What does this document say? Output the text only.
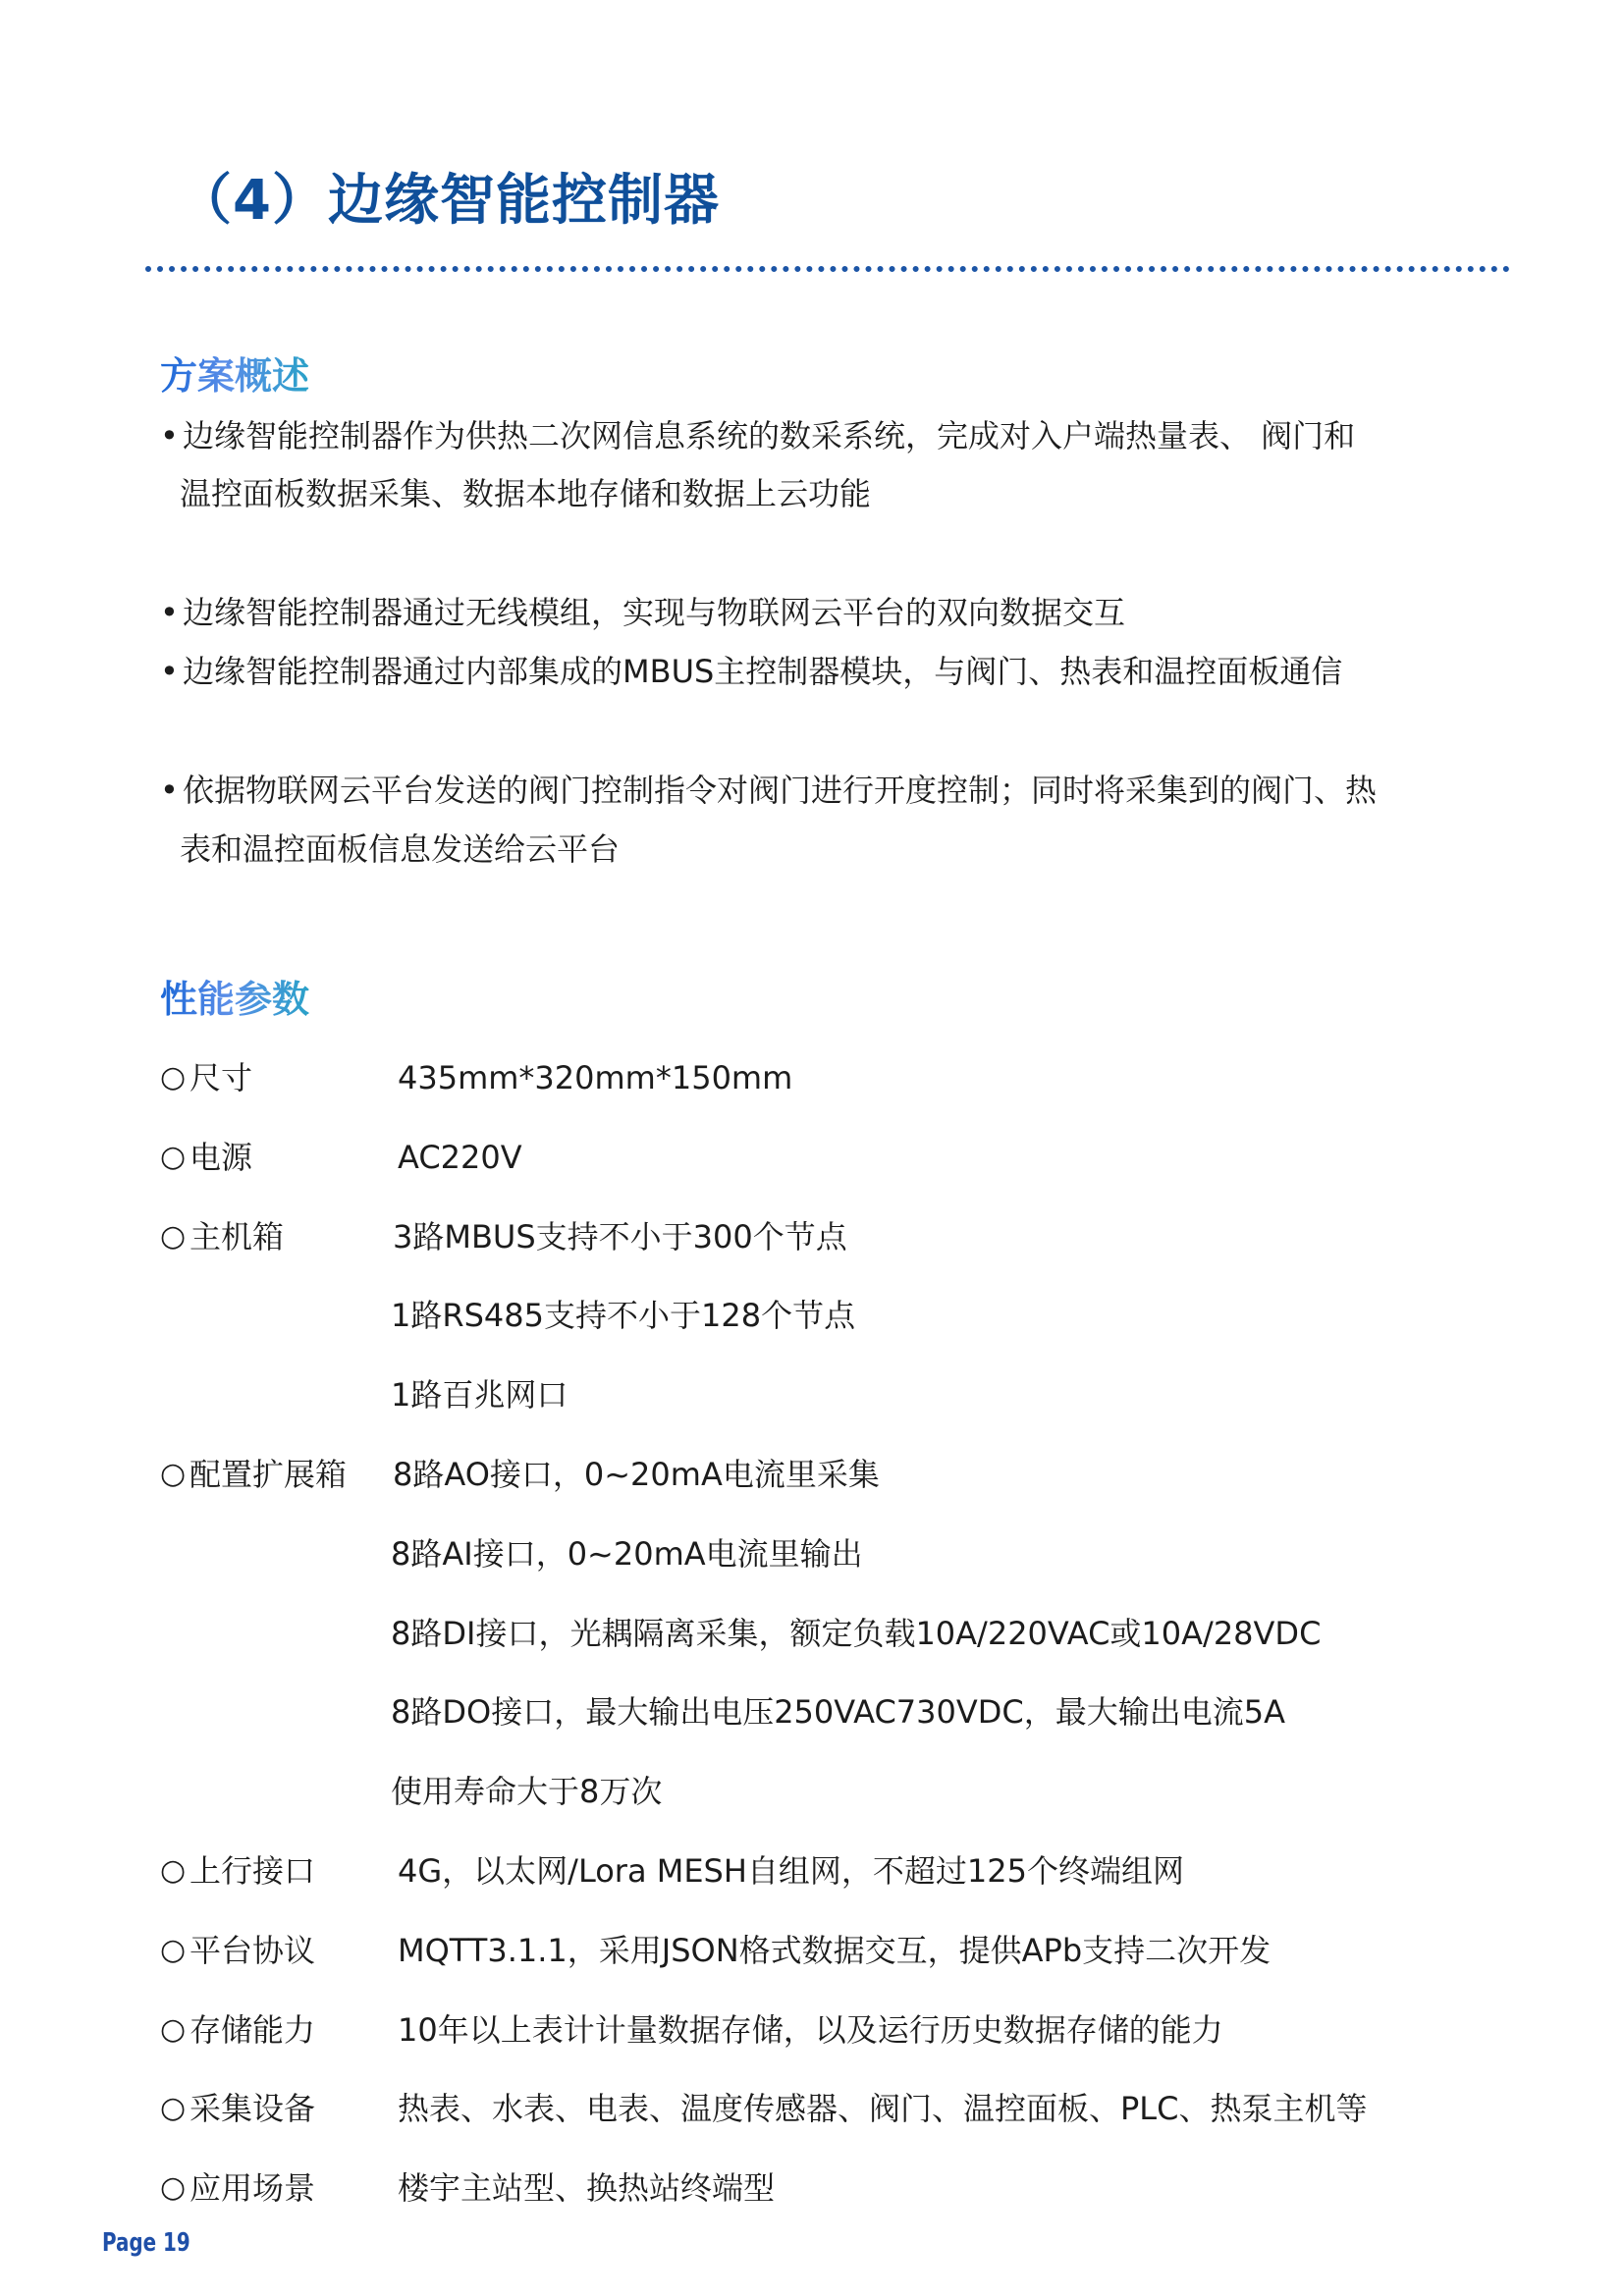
（4）边缘智能控制器
方案概述
• 边缘智能控制器作为供热二次网信息系统的数采系统，完成对入户端热量表、 阀门和
温控面板数据采集、数据本地存储和数据上云功能
• 边缘智能控制器通过无线模组，实现与物联网云平台的双向数据交互
• 边缘智能控制器通过内部集成的MBUS主控制器模块，与阀门、热表和温控面板通信
• 依据物联网云平台发送的阀门控制指令对阀门进行开度控制；同时将采集到的阀门、热
表和温控面板信息发送给云平台
性能参数
○ 尺寸	435mm*320mm*150mm
○ 电源	AC220V
○ 主机箱	3路MBUS支持不小于300个节点
1路RS485支持不小于128个节点
1路百兆网口
○ 配置扩展箱 8路AO接口，0~20mA电流里采集
8路AI接口，0~20mA电流里输出
8路DI接口，光耦隔离采集，额定负载10A/220VAC或10A/28VDC
8路DO接口，最大输出电压250VAC730VDC，最大输出电流5A
使用寿命大于8万次
○ 上行接口	4G，以太网/Lora MESH自组网，不超过125个终端组网
○ 平台协议	MQTT3.1.1，采用JSON格式数据交互，提供APb支持二次开发
○ 存储能力	10年以上表计计量数据存储，以及运行历史数据存储的能力
○ 采集设备	热表、水表、电表、温度传感器、阀门、温控面板、PLC、热泵主机等
○ 应用场景	楼宇主站型、换热站终端型
Page 19
